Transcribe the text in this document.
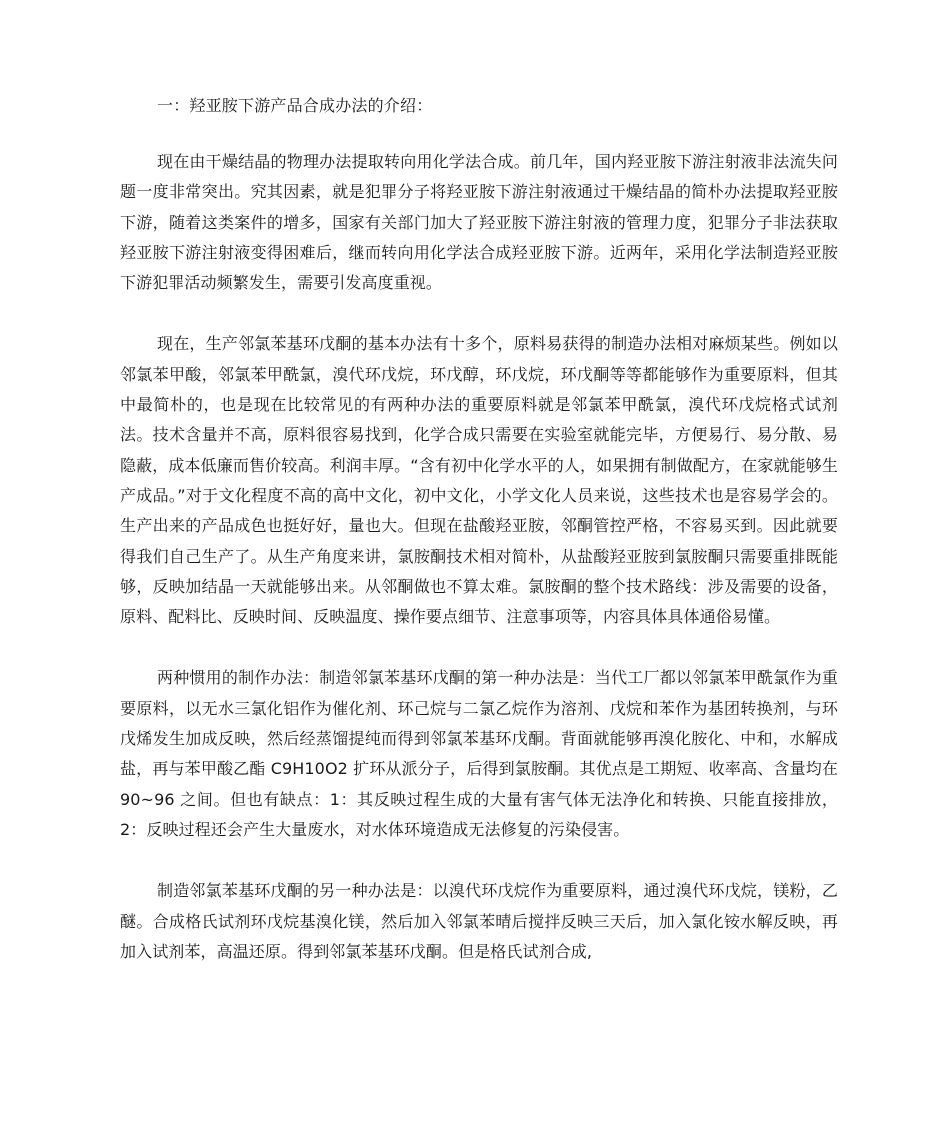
一：羟亚胺下游产品合成办法的介绍：

现在由干燥结晶的物理办法提取转向用化学法合成。前几年，国内羟亚胺下游注射液非法流失问题一度非常突出。究其因素，就是犯罪分子将羟亚胺下游注射液通过干燥结晶的简朴办法提取羟亚胺下游，随着这类案件的增多，国家有关部门加大了羟亚胺下游注射液的管理力度，犯罪分子非法获取羟亚胺下游注射液变得困难后，继而转向用化学法合成羟亚胺下游。近两年，采用化学法制造羟亚胺下游犯罪活动频繁发生，需要引发高度重视。

现在，生产邻氯苯基环戊酮的基本办法有十多个，原料易获得的制造办法相对麻烦某些。例如以邻氯苯甲酸，邻氯苯甲酰氯，溴代环戊烷，环戊醇，环戊烷，环戊酮等等都能够作为重要原料，但其中最简朴的，也是现在比较常见的有两种办法的重要原料就是邻氯苯甲酰氯，溴代环戊烷格式试剂法。技术含量并不高，原料很容易找到，化学合成只需要在实验室就能完毕，方便易行、易分散、易隐蔽，成本低廉而售价较高。利润丰厚。“含有初中化学水平的人，如果拥有制做配方，在家就能够生产成品。”对于文化程度不高的高中文化，初中文化，小学文化人员来说，这些技术也是容易学会的。生产出来的产品成色也挺好好，量也大。但现在盐酸羟亚胺，邻酮管控严格，不容易买到。因此就要得我们自己生产了。从生产角度来讲，氯胺酮技术相对简朴，从盐酸羟亚胺到氯胺酮只需要重排既能够，反映加结晶一天就能够出来。从邻酮做也不算太难。氯胺酮的整个技术路线：涉及需要的设备，原料、配料比、反映时间、反映温度、操作要点细节、注意事项等，内容具体具体通俗易懂。

两种惯用的制作办法：制造邻氯苯基环戊酮的第一种办法是：当代工厂都以邻氯苯甲酰氯作为重要原料，以无水三氯化铝作为催化剂、环己烷与二氯乙烷作为溶剂、戊烷和苯作为基团转换剂，与环戊烯发生加成反映，然后经蒸馏提纯而得到邻氯苯基环戊酮。背面就能够再溴化胺化、中和，水解成盐，再与苯甲酸乙酯 C9H10O2 扩环从派分子，后得到氯胺酮。其优点是工期短、收率高、含量均在 90~96 之间。但也有缺点：1：其反映过程生成的大量有害气体无法净化和转换、只能直接排放，2：反映过程还会产生大量废水，对水体环境造成无法修复的污染侵害。

制造邻氯苯基环戊酮的另一种办法是：以溴代环戊烷作为重要原料，通过溴代环戊烷，镁粉，乙醚。合成格氏试剂环戊烷基溴化镁，然后加入邻氯苯晴后搅拌反映三天后，加入氯化铵水解反映，再加入试剂苯，高温还原。得到邻氯苯基环戊酮。但是格氏试剂合成,
